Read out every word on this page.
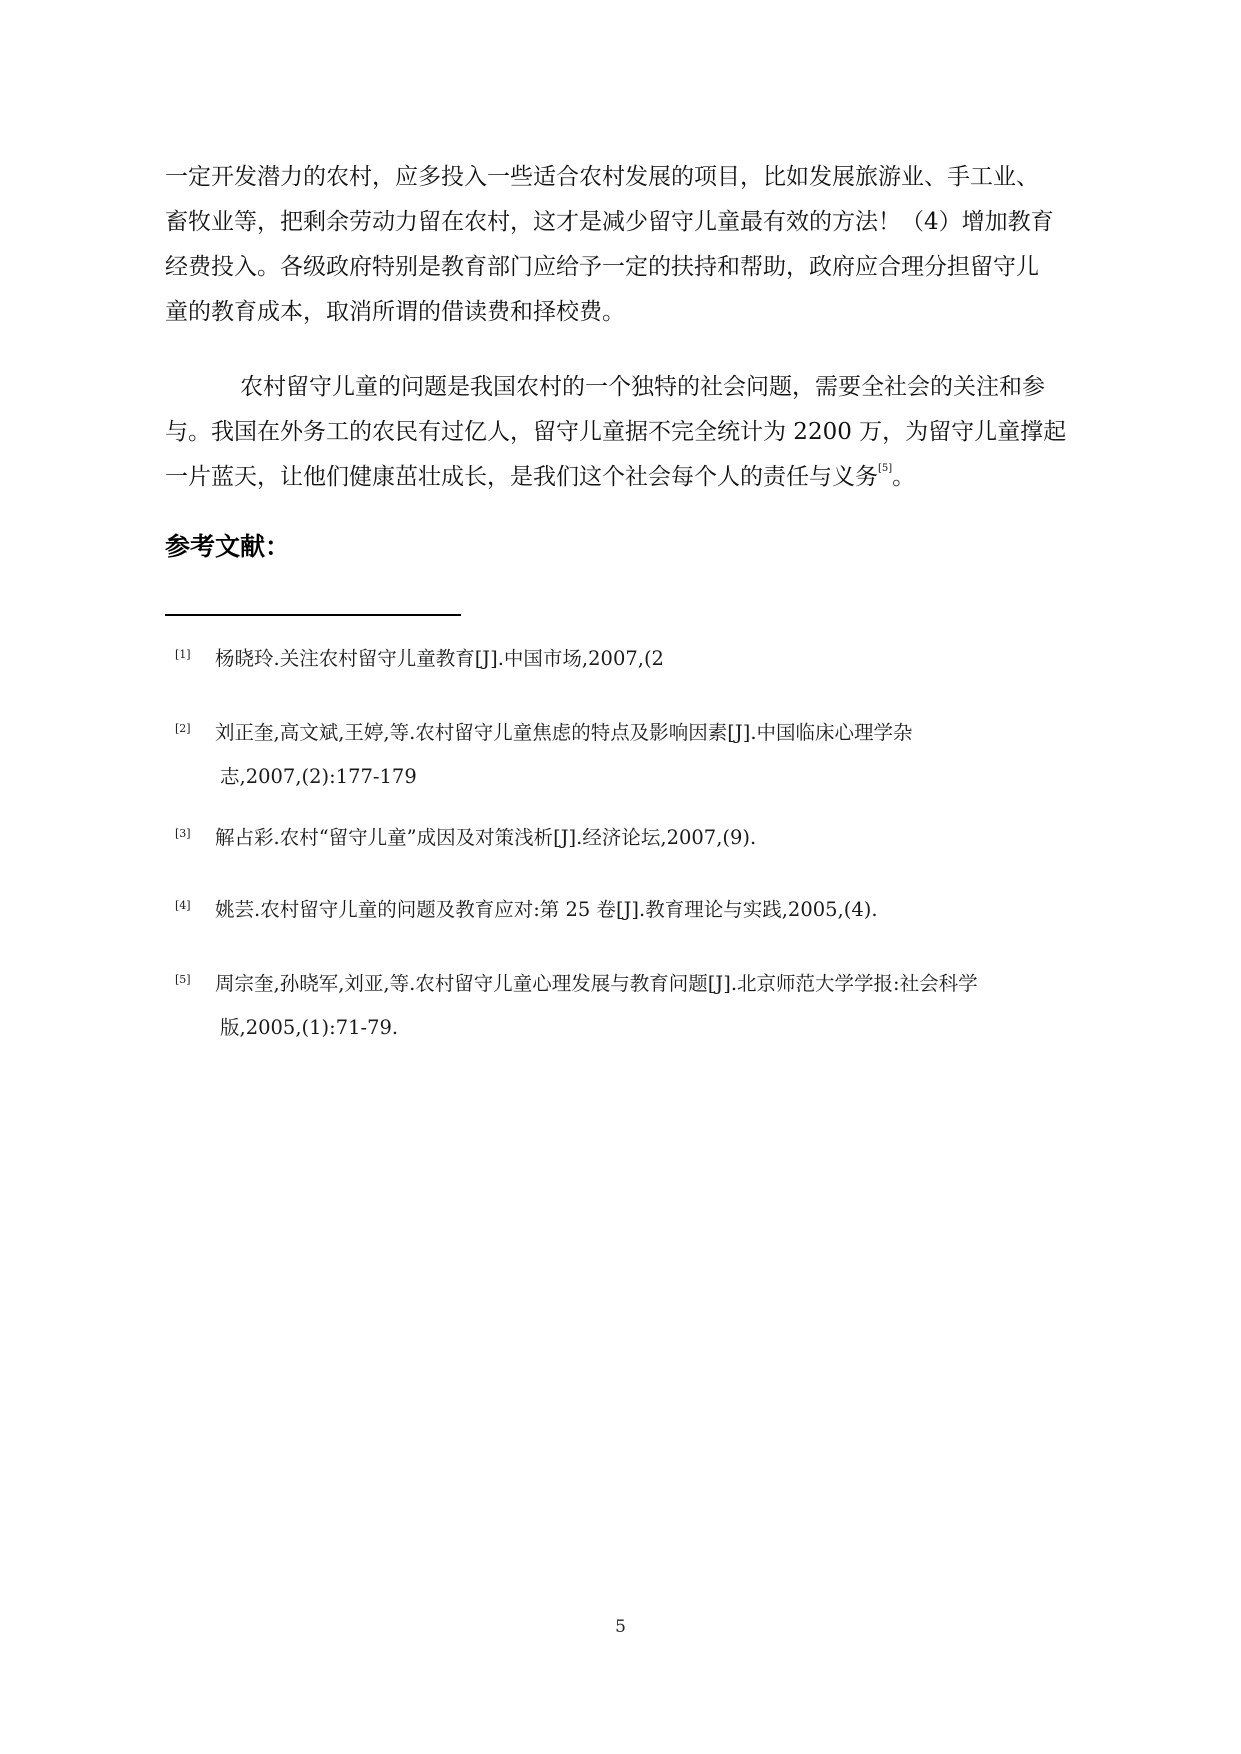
一定开发潜力的农村，应多投入一些适合农村发展的项目，比如发展旅游业、手工业、
畜牧业等，把剩余劳动力留在农村，这才是减少留守儿童最有效的方法！（4）增加教育
经费投入。各级政府特别是教育部门应给予一定的扶持和帮助，政府应合理分担留守儿
童的教育成本，取消所谓的借读费和择校费。
农村留守儿童的问题是我国农村的一个独特的社会问题，需要全社会的关注和参
与。我国在外务工的农民有过亿人，留守儿童据不完全统计为 2200 万，为留守儿童撑起
一片蓝天，让他们健康茁壮成长，是我们这个社会每个人的责任与义务[5]。
参考文献：
[1] 杨晓玲.关注农村留守儿童教育[J].中国市场,2007,(2
[2] 刘正奎,高文斌,王婷,等.农村留守儿童焦虑的特点及影响因素[J].中国临床心理学杂
志,2007,(2):177-179
[3] 解占彩.农村“留守儿童”成因及对策浅析[J].经济论坛,2007,(9).
[4] 姚芸.农村留守儿童的问题及教育应对:第 25 卷[J].教育理论与实践,2005,(4).
[5] 周宗奎,孙晓军,刘亚,等.农村留守儿童心理发展与教育问题[J].北京师范大学学报:社会科学
版,2005,(1):71-79.
5
